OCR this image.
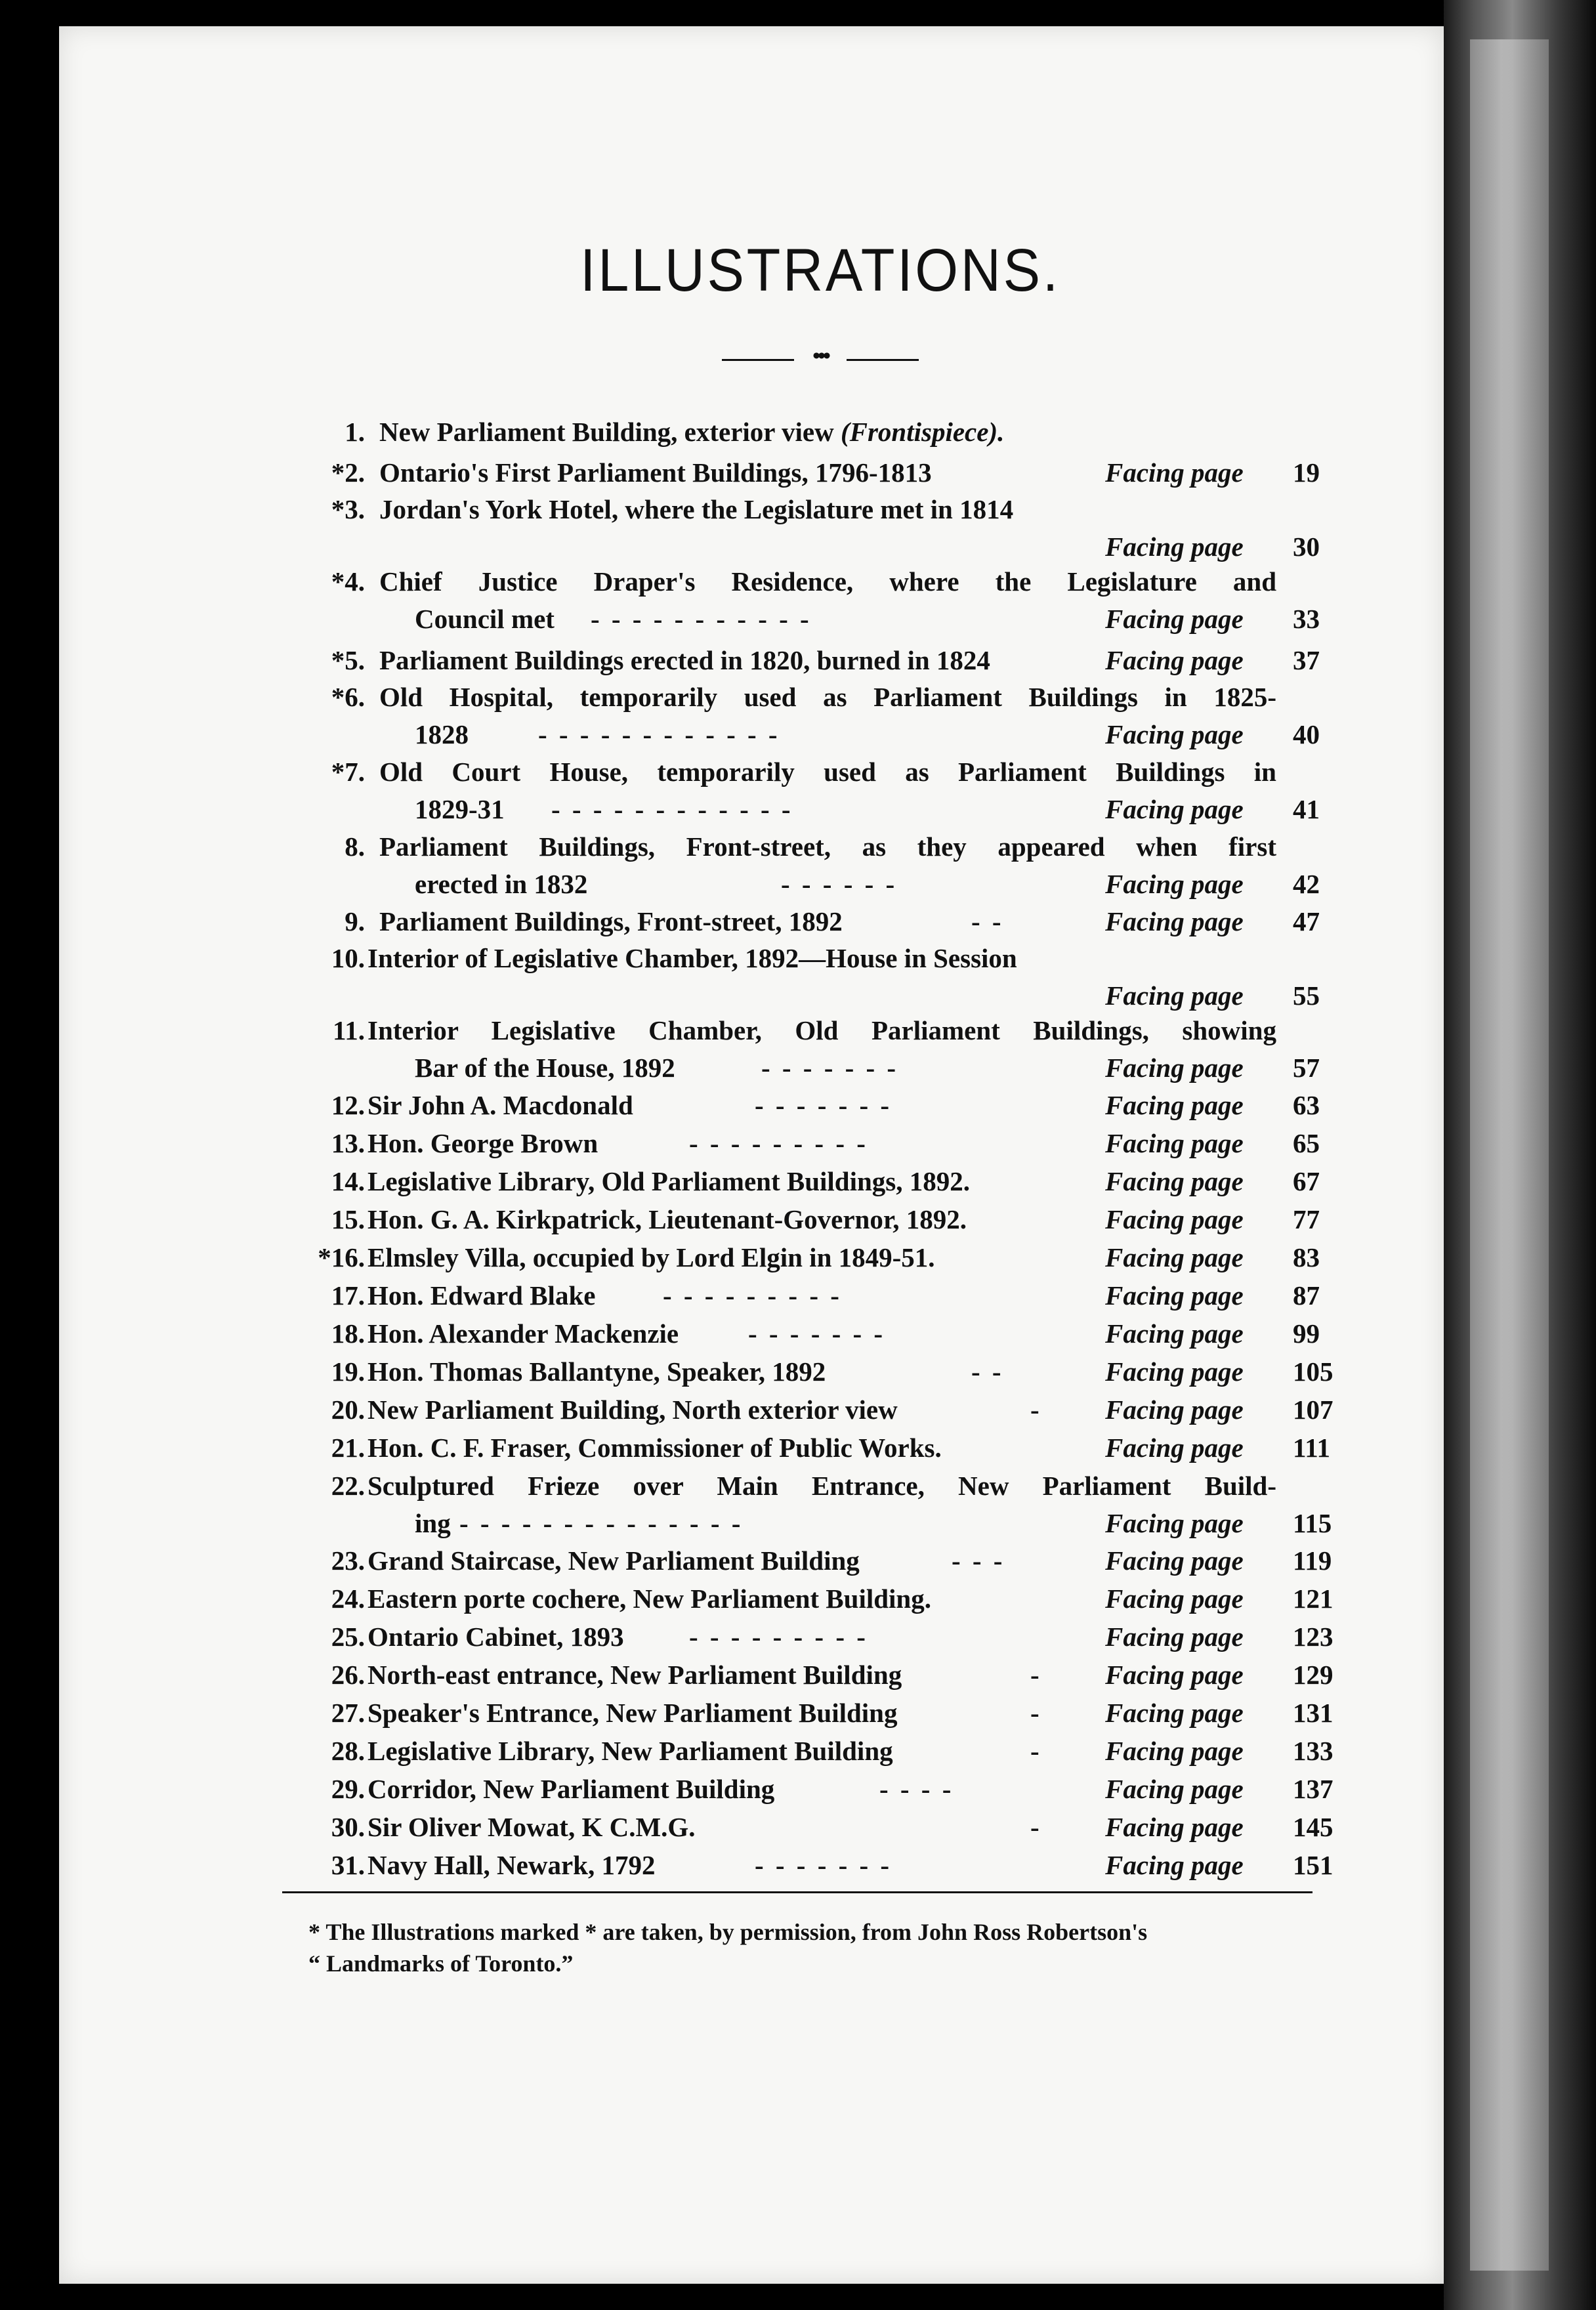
ILLUSTRATIONS.
•••
1. New Parliament Building, exterior view (Frontispiece).
*2. Ontario's First Parliament Buildings, 1796-1813	Facing page 19
*3. Jordan's York Hotel, where the Legislature met in 1814
Facing page 30
*4. Chief Justice Draper's Residence, where the Legislature and
Council met - - - - - - - - - - -	Facing page 33
*5. Parliament Buildings erected in 1820, burned in 1824	Facing page 37
*6. Old Hospital, temporarily used as Parliament Buildings in 1825-
1828	- - - - - - - - - - - -	Facing page 40
*7. Old Court House, temporarily used as Parliament Buildings in
1829-31 - - - - - - - - - - - -	Facing page 41
8. Parliament Buildings, Front-street, as they appeared when first
erected in 1832	- - - - - -	Facing page 42
9. Parliament Buildings, Front-street, 1892	- -	Facing page 47
10. Interior of Legislative Chamber, 1892—House in Session
Facing page 55
11. Interior Legislative Chamber, Old Parliament Buildings, showing
Bar of the House, 1892	- - - - - - -	Facing page 57
12. Sir John A. Macdonald	- - - - - - -	Facing page 63
13. Hon. George Brown	- - - - - - - - -	Facing page 65
14. Legislative Library, Old Parliament Buildings, 1892.	Facing page 67
15. Hon. G. A. Kirkpatrick, Lieutenant-Governor, 1892.	Facing page 77
*16. Elmsley Villa, occupied by Lord Elgin in 1849-51.	Facing page 83
17. Hon. Edward Blake	- - - - - - - - -	Facing page 87
18. Hon. Alexander Mackenzie	- - - - - - -	Facing page 99
19. Hon. Thomas Ballantyne, Speaker, 1892	- -	Facing page 105
20. New Parliament Building, North exterior view	- Facing page 107
21. Hon. C. F. Fraser, Commissioner of Public Works.	Facing page 111
22. Sculptured Frieze over Main Entrance, New Parliament Build-
ing - - - - - - - - - - - - - -	Facing page 115
23. Grand Staircase, New Parliament Building	- - -	Facing page 119
24. Eastern porte cochere, New Parliament Building.	Facing page 121
25. Ontario Cabinet, 1893 - - - - - - - - -	Facing page 123
26. North-east entrance, New Parliament Building	- Facing page 129
27. Speaker's Entrance, New Parliament Building	- Facing page 131
28. Legislative Library, New Parliament Building	- Facing page 133
29. Corridor, New Parliament Building	- - - -	Facing page 137
30. Sir Oliver Mowat, K C.M.G.	- Facing page 145
31. Navy Hall, Newark, 1792	- - - - - - -	Facing page 151
* The Illustrations marked * are taken, by permission, from John Ross Robertson's
“ Landmarks of Toronto.”
